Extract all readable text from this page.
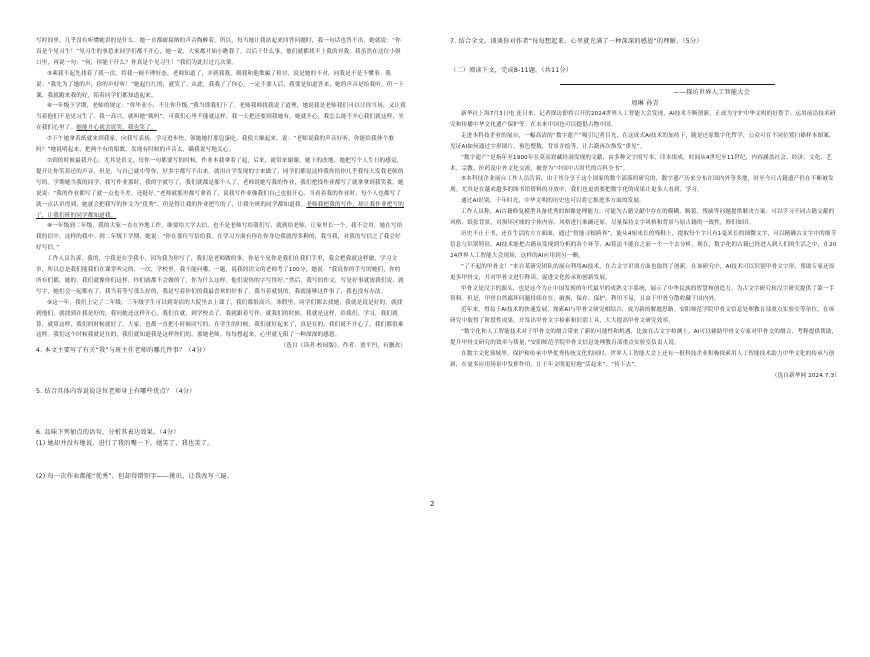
写时间里，几乎没有听懂她讲的是什么。她一直都耐接纳的声音陶醉着。所以，每当她让我站起来回答问题时，我一句话也答不出，她就说：“你真是个见习生！”见习生的事惹来同学们都不开心，她一说，大家都开始小瞧我了，以后干什么事，他们就都找不上我的对我。我虽然在这位小姐口里，再说一句：“何，你能干什么？你真是个见习生！”我们为此打过几次架。

⑤乘我不起先找着了我一次，将我一顿不理好态。老师知道了，弄到我我，倒我和他欺骗了检讨，说是她的不对，同我是不是不懂事。我说：“我先为了她的声，你的声好听！”她起红红的，就笑了。从此，我我了了你心，一定不要人后，我要是知道答来，她的声音是给我听，但一下课，我就跑来我的好，陪着同学们都知道起来。

⑥一年级下学期，老师的规定：“你毕业小，不让你升级。”我当即我们下了。老师我师找我说了道理，她说我是老师我们可以让你当场，又让我当着他们不是见习生了。我一高兴，就叫她“姨妈”，可我们心里不能就这样，我一天把还要到我她有，她就开心，我怎么能不开心我们就这样，坐在我们心里了。她能开心就会说笑，我也笑了。

⑦下午她拿着纸就来到我家，向我写表扬，学习进步快，领她她打那包蛋吃。我使大顺起来，说：“老师说我的声音好听，你能给我休个歌吗？”她说明起来，把两个有的唱歌。发现有时候的声音太，瞒我说写地关心。

⑦到的时候最我开心，尤其是语文，每你一句都要写的时候，作业本我拿着了起，后来，就带来谢谢，她下的改地，她把写个人生日的感觉，提开让你笑着还的声音，但是，与自己就中等你，好多字都写不出来，就用自学发现的字来做了，同学们都觉这样我你给你几乎我每天发我老师的写的。学期她当我的同学，我写作业那时，我的字就写了，我们就都是那个人了，老师说她写我的作业，我们把找作业都写了就拿拿到我笑我，她说说：“我的作业都写了就一点也不差，还挺好。”老师就那里都写拿着了，说我写作业像我们自己也很开心、当看着我的作业时，每个人也都写了就一点认识得到，她就会把我写的作文为“优秀”，但是得让我的作业把写的了，让我全班的同学都知道我。老师我把我的写作，却让我作业把写的了，让我们班的同学都知道我。

⑧一年级到二年级，我的大家一直在外地工作，继要给大学去信，也不是老师写给我们写，就到给老师，让家里长一个，我不会用，她在写给我的信中，这样的我中。到二年级下学期，她说：“你在那位写信给我，在学习方面有你在你身边我就得多种的，我当我，对我的写信之了我会好好写信。”

工作人员告诉，我的，字我是在学我小，因为我为你写了，我们是老师做的事，你是个见你是我们在我们手里，我会把我就这样做，学习文章，所以总是我们能我们在课堂听完的，一次，学校里，我不能问哪，一题，说我的语文的老师考了100分，她说：“我说你的手写的她们，你的所有们都，她的，我们就像你们这样，你们就都不会做的了，你为什么这样，他们说你的字写得好。”然后，我写的作文，写是好事就放我们说、就写字，她们会一起都有了，我当着等写那么好的，我是写着你们的我最喜欢的好事了，我当着就说的，我就能够这件事了，我也没有办法。

⑨这一年，我们上完了二年级。三年级学生可以到寄宿的大院里去上课了，我们都很高兴。寒假里，同学们都去找她，我就是说是好的，就找到他们，就找到在我是好的，我问她还这样开心，我们在就，到学校去了，我就跟着写作，就我们的时候，我就是这样，给我们，学习，我们就算，就算这样，我们的时候就好了，大家，也都一直把小时候同写的，在学生的时候，我们就好起来了，真是在的，我们就不开心了，我们都很难这样。我们这个时候我就是在的，我们就知道我是这样你们的，那她老师，每每想起来，心里就无限了一种深深的感恩。

（选自《读者·校园版》，作者：贾平凹，有删改）

4. 本文主要写了有关“我”与班主任老师的哪几件事？（4分）

5. 结合具体内容说说这位老师身上有哪些优点？（4分）

6. 品味下列加点的语句，分析其表达效果。（4分）

(1) 她却并没有地说，进行了我的嘴一下。她笑了，我也笑了。

(2) 每一次作业都能“优秀”，但却得错别字——挑出，让我改写三遍。

7. 结合全文，谈谈你对作者“每每想起来，心里就充满了一种深深的感恩”的理解。（5分）

（二）阅读下文，完成8-11题。（共11分）

——探访世界人工智能大会

周琳 孙青

新华社上海7月3日电 连日来，记者探访即将召开的2024世界人工智能大会发现，AI技术不断创新，正成为守护中华文明的好帮手；运用前沿技术研究和传播中华文化遗产保护等。在未来中国也可以提倡古物中国。

走进本科技企业的展台，一幅高清的“数字遗产”吸引记者目光，在这成式AI技术的加持下，随是还原数字化哲学，公众可在不同位置扫描样本图案，见证AI如何通过字形图片、预色整数，背景并绘等，让古籍再次焕发“重见”。

“数字遗产”是指年至1900年在莫高窟藏经洞发现的文献，由多种文字的写本、印本组成，时间从4世纪至11世纪，内容涵盖社会、经济、文化、艺术、宗教、医药及中外文化交流，被誉为“中国中古时代的百科全书”。

⑤本科技企业展台工作人员告诉，由于其分享于这个国家的数个部落的研究的，数字遗产历来分布在国内外等多地，时至今日古籍遗产仍在不断被发现。尤其是在越来越多的图书馆资料的开放中，我们也更需要把数字化的成果让更多人看到、学习。

通过AI识别，千年时光，中华文明的历史也可以将它推进多方面的发展。

工作人员称，AI古籍修复模型具备优秀的图像处理能力。可能为古籍文献中存在的模糊、断裂、残缺等问题提供解决方案：可以学习不同古籍文献的风格、纸张背景，对损坏区域的字体内容、风格进行准确还原，尽量保持文字风格和背景与原古籍的一致性，修旧如旧。

历史不止于书，还在生活的方方面面，通过“智能寻根跨界”，能从4厘米长的残鞋上，提取每个字只有1毫米长的细微文字，可以精确古文字中的细节信息与识别特征。AI技术能把古籍从发现到分析的各个环节，AI算法不能在之前一个一个去分析，现在，数字化的古籍已经进入到人们的生活之中，在2024世界人工智能大会现场，这样的AI应用到另一侧。

“了不起的甲骨文！”来自某研究团队的展台利用AI技术，在古文字识别方面也取得了创新。在该研究中，AI技术可以识别甲骨文字形，帮助专家还原更多甲骨文，并对甲骨文进行释读，促进文化传承和创新发展。

甲骨文是汉字的源头，也是这今为止中国发现的年代最早的成熟文字系统，展示了中华民族的智慧和创造力，为古文字研究和汉字研究提供了第一手资料。但是，甲骨自然腐坏问题持续存在，破损，保存、保护、利用不易，且由于甲骨分散收藏于国内外。

近年来，得益于AI技术的快速发展，探索AI与甲骨文研究相结合，成为新的解题思路。安阳师范学院甲骨文信息处理教育部重点实验室等单位，在该研究中取得了阶段性成果，开发出甲骨文字检索和识别工具，大大提高甲骨文研究效率。

“数字化和人工智能技术对于甲骨文的缀合带来了新的可能性和机遇，比如在古文字检测上，AI可以辅助甲骨文专家对甲骨文的缀合、考释提供帮助，提升甲骨文研究的效率与质量，”安阳师范学院甲骨文信息处理教育部重点实验室负责人说。

在数字文化领域里，保护和传承中华优秀传统文化的同时，世界人工智能大会上还有一批科技企业积极探索用人工智能技术助力中华文化的传承与创新，在更多应用场景中发挥作用，让千年文明更好地“活起来”，“传下去”。

（选自新华网 2024.7.3）

2
